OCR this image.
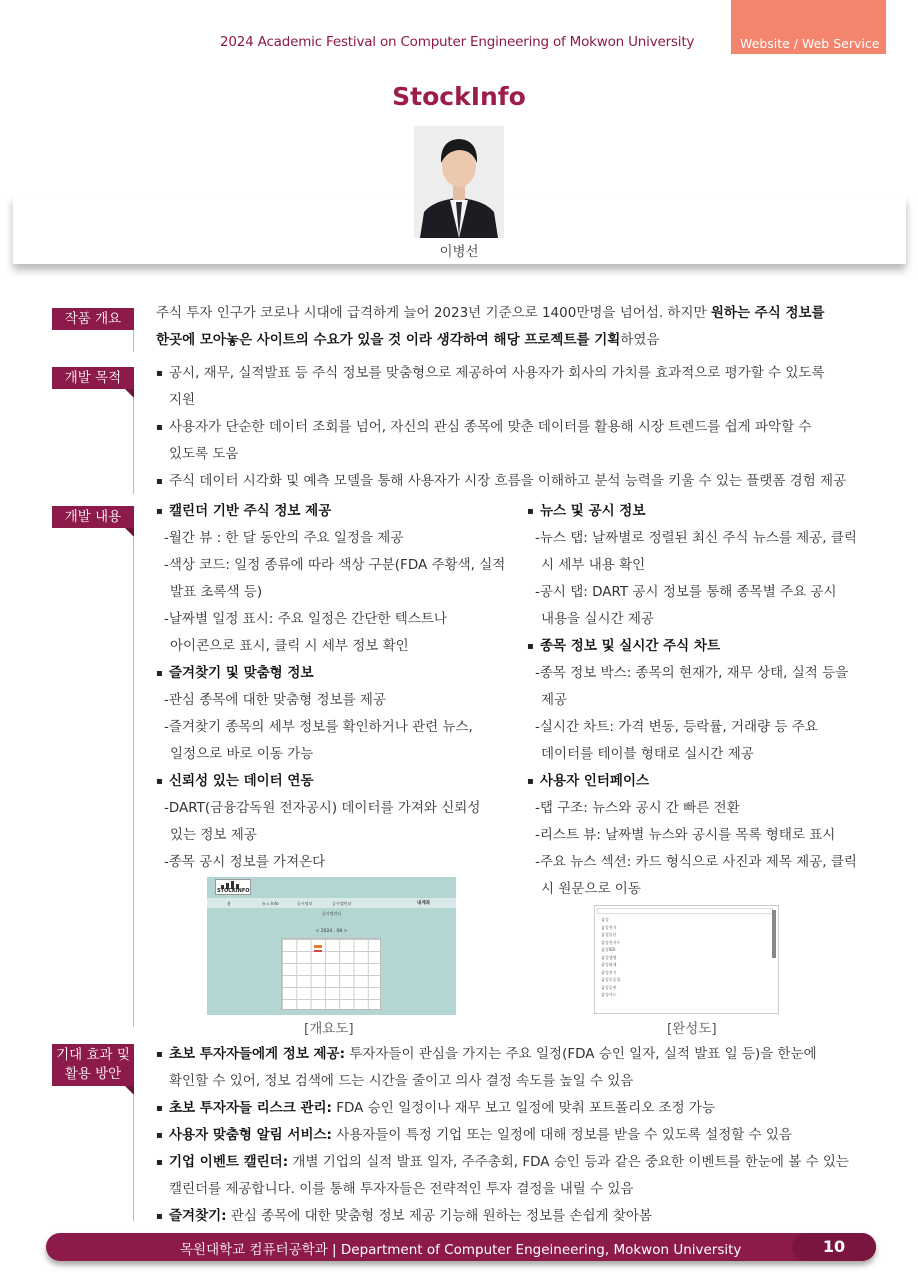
2024 Academic Festival on Computer Engineering of Mokwon University	Website / Web Service
StockInfo
이병선
작품 개요	주식 투자 인구가 코로나 시대에 급격하게 늘어 2023년 기준으로 1400만명을 넘어섬. 하지만 원하는 주식 정보를
한곳에 모아놓은 사이트의 수요가 있을 것 이라 생각하여 해당 프로젝트를 기획하였음
개발 목적	▪ 공시, 재무, 실적발표 등 주식 정보를 맞춤형으로 제공하여 사용자가 회사의 가치를 효과적으로 평가할 수 있도록
지원
▪ 사용자가 단순한 데이터 조회를 넘어, 자신의 관심 종목에 맞춘 데이터를 활용해 시장 트렌드를 쉽게 파악할 수
있도록 도움
▪ 주식 데이터 시각화 및 예측 모델을 통해 사용자가 시장 흐름을 이해하고 분석 능력을 키울 수 있는 플랫폼 경험 제공
개발 내용	▪ 캘린더 기반 주식 정보 제공
-월간 뷰 : 한 달 동안의 주요 일정을 제공
-색상 코드: 일정 종류에 따라 색상 구분(FDA 주황색, 실적
발표 초록색 등)
-날짜별 일정 표시: 주요 일정은 간단한 텍스트나
아이콘으로 표시, 클릭 시 세부 정보 확인
▪ 즐겨찾기 및 맞춤형 정보
-관심 종목에 대한 맞춤형 정보를 제공
-즐겨찾기 종목의 세부 정보를 확인하거나 관련 뉴스,
일정으로 바로 이동 가능
▪ 신뢰성 있는 데이터 연동
-DART(금융감독원 전자공시) 데이터를 가져와 신뢰성
있는 정보 제공
-종목 공시 정보를 가져온다
▪ 뉴스 및 공시 정보
-뉴스 탭: 날짜별로 정렬된 최신 주식 뉴스를 제공, 클릭
시 세부 내용 확인
-공시 탭: DART 공시 정보를 통해 종목별 주요 공시
내용을 실시간 제공
▪ 종목 정보 및 실시간 주식 차트
-종목 정보 박스: 종목의 현재가, 재무 상태, 실적 등을
제공
-실시간 차트: 가격 변동, 등락률, 거래량 등 주요
데이터를 테이블 형태로 실시간 제공
▪ 사용자 인터페이스
-탭 구조: 뉴스와 공시 간 빠른 전환
-리스트 뷰: 날짜별 뉴스와 공시를 목록 형태로 표시
-주요 뉴스 섹션: 카드 형식으로 사진과 제목 제공, 클릭
시 원문으로 이동
STOCKINFO
홈	뉴스 Info	공시정보	증시캘린더	내계좌
증시캘린더
< 2024 . 08 >
[개요도]
삼성
삼성전자
삼성물산
삼성전자우
삼성SDI
삼성생명
삼성화재
삼성전기
삼성중공업
삼성증권
삼성카드
[완성도]
기대 효과 및
활용 방안
▪ 초보 투자자들에게 정보 제공: 투자자들이 관심을 가지는 주요 일정(FDA 승인 일자, 실적 발표 일 등)을 한눈에
확인할 수 있어, 정보 검색에 드는 시간을 줄이고 의사 결정 속도를 높일 수 있음
▪ 초보 투자자들 리스크 관리: FDA 승인 일정이나 재무 보고 일정에 맞춰 포트폴리오 조정 가능
▪ 사용자 맞춤형 알림 서비스: 사용자들이 특정 기업 또는 일정에 대해 정보를 받을 수 있도록 설정할 수 있음
▪ 기업 이벤트 캘린더: 개별 기업의 실적 발표 일자, 주주총회, FDA 승인 등과 같은 중요한 이벤트를 한눈에 볼 수 있는
캘린더를 제공합니다. 이를 통해 투자자들은 전략적인 투자 결정을 내릴 수 있음
▪ 즐겨찾기: 관심 종목에 대한 맞춤형 정보 제공 기능해 원하는 정보를 손쉽게 찾아봄
목원대학교 컴퓨터공학과 | Department of Computer Engeineering, Mokwon University	10
